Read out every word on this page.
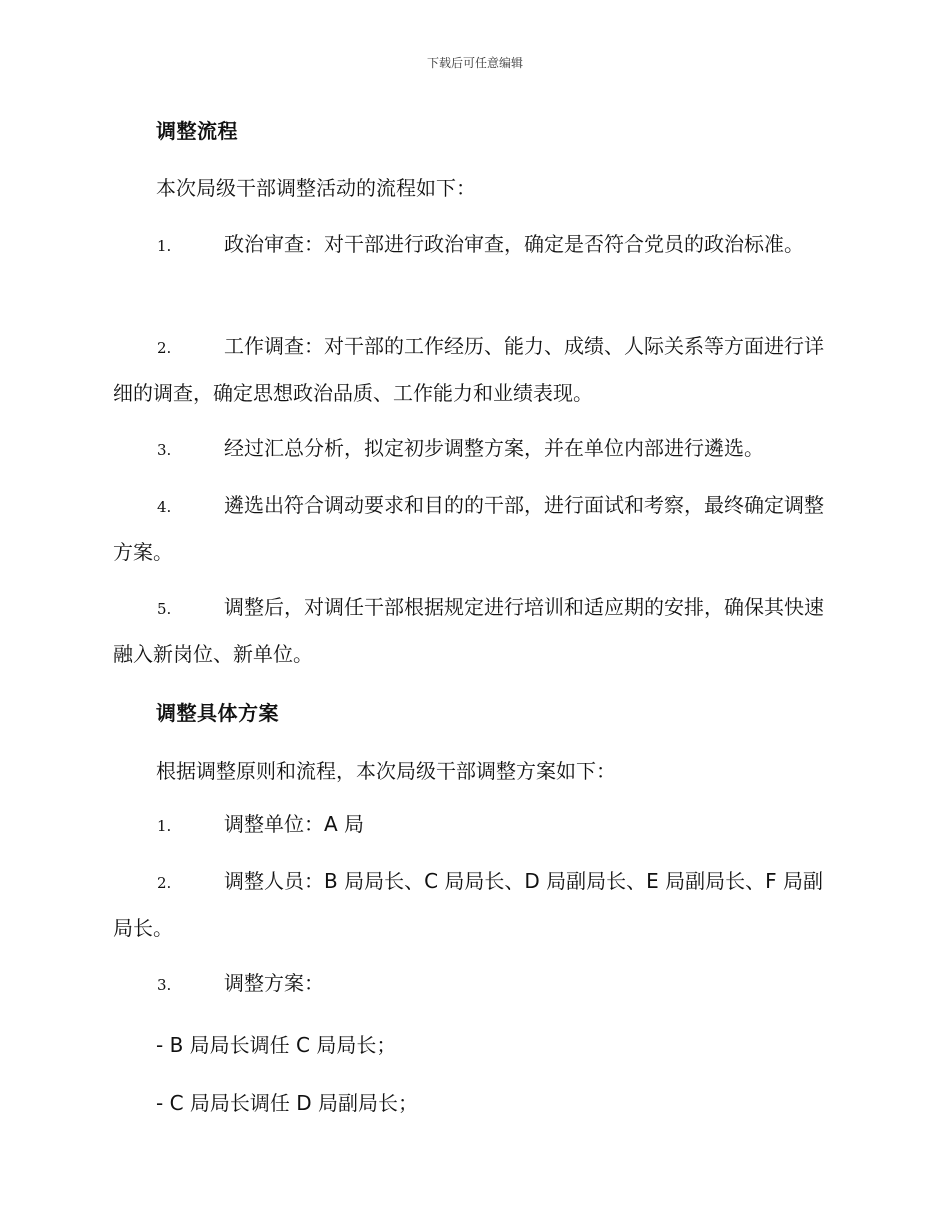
下载后可任意编辑
调整流程
本次局级干部调整活动的流程如下：
1.	政治审查：对干部进行政治审查，确定是否符合党员的政治标准。
2.	工作调查：对干部的工作经历、能力、成绩、人际关系等方面进行详细的调查，确定思想政治品质、工作能力和业绩表现。
3.	经过汇总分析，拟定初步调整方案，并在单位内部进行遴选。
4.	遴选出符合调动要求和目的的干部，进行面试和考察，最终确定调整方案。
5.	调整后，对调任干部根据规定进行培训和适应期的安排，确保其快速融入新岗位、新单位。
调整具体方案
根据调整原则和流程，本次局级干部调整方案如下：
1.	调整单位：A 局
2.	调整人员：B 局局长、C 局局长、D 局副局长、E 局副局长、F 局副局长。
3.	调整方案：
- B 局局长调任 C 局局长；
- C 局局长调任 D 局副局长；
